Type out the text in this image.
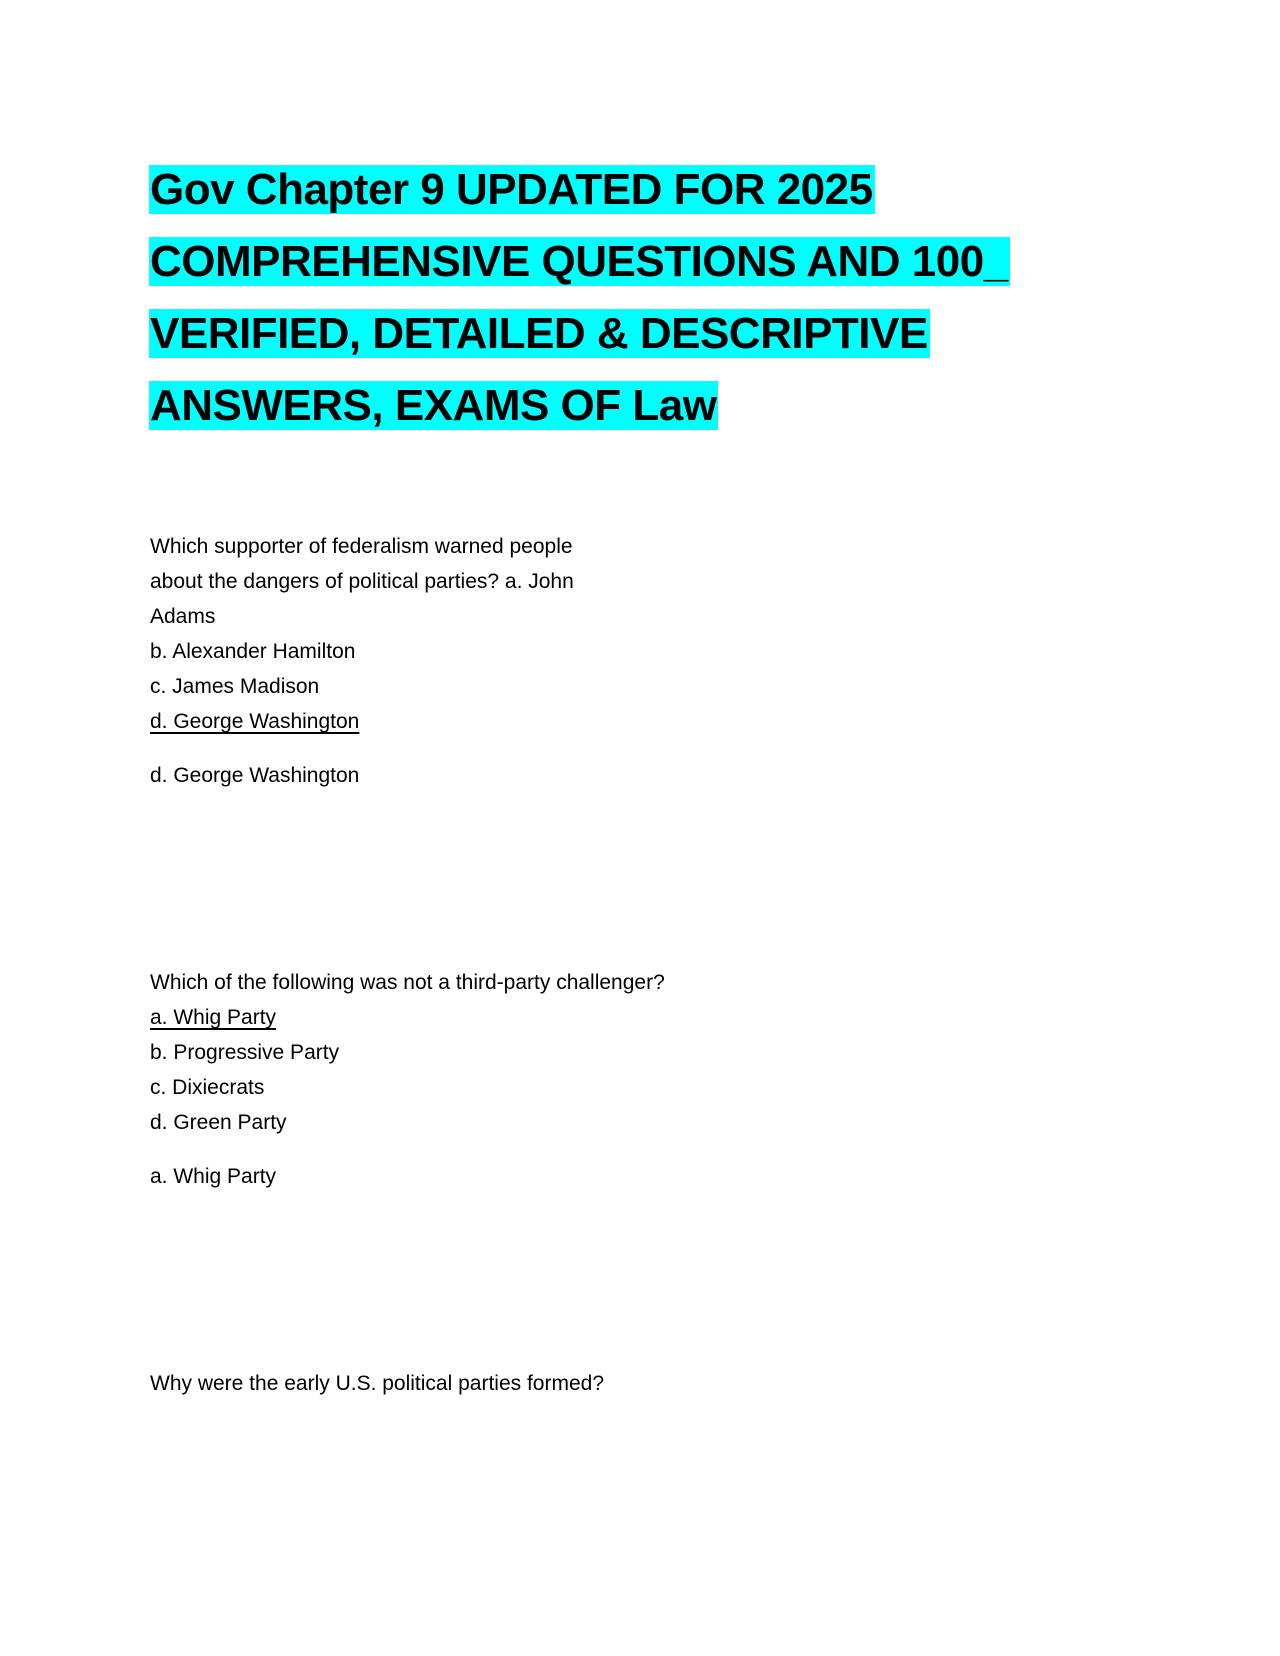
Gov Chapter 9 UPDATED FOR 2025
COMPREHENSIVE QUESTIONS AND 100_
VERIFIED, DETAILED & DESCRIPTIVE
ANSWERS, EXAMS OF Law
Which supporter of federalism warned people
about the dangers of political parties? a. John
Adams
b. Alexander Hamilton
c. James Madison
d. George Washington
d. George Washington
Which of the following was not a third-party challenger?
a. Whig Party
b. Progressive Party
c. Dixiecrats
d. Green Party
a. Whig Party
Why were the early U.S. political parties formed?
